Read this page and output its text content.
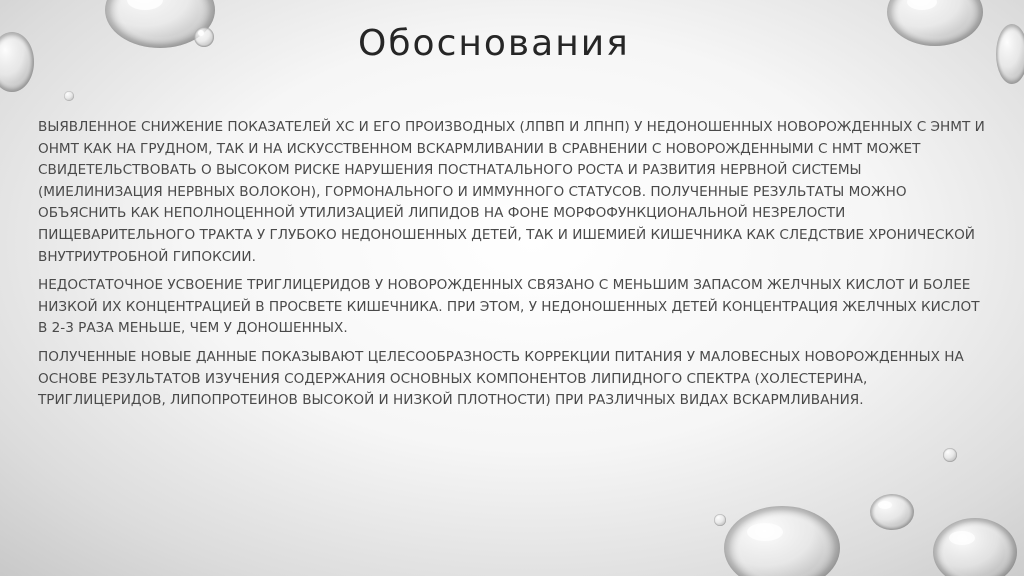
Обоснования

ВЫЯВЛЕННОЕ СНИЖЕНИЕ ПОКАЗАТЕЛЕЙ ХС И ЕГО ПРОИЗВОДНЫХ (ЛПВП И ЛПНП) У НЕДОНОШЕННЫХ НОВОРОЖДЕННЫХ С ЭНМТ И ОНМТ КАК НА ГРУДНОМ, ТАК И НА ИСКУССТВЕННОМ ВСКАРМЛИВАНИИ В СРАВНЕНИИ С НОВОРОЖДЕННЫМИ С НМТ МОЖЕТ СВИДЕТЕЛЬСТВОВАТЬ О ВЫСОКОМ РИСКЕ НАРУШЕНИЯ ПОСТНАТАЛЬНОГО РОСТА И РАЗВИТИЯ НЕРВНОЙ СИСТЕМЫ (МИЕЛИНИЗАЦИЯ НЕРВНЫХ ВОЛОКОН), ГОРМОНАЛЬНОГО И ИММУННОГО СТАТУСОВ. ПОЛУЧЕННЫЕ РЕЗУЛЬТАТЫ МОЖНО ОБЪЯСНИТЬ КАК НЕПОЛНОЦЕННОЙ УТИЛИЗАЦИЕЙ ЛИПИДОВ НА ФОНЕ МОРФОФУНКЦИОНАЛЬНОЙ НЕЗРЕЛОСТИ ПИЩЕВАРИТЕЛЬНОГО ТРАКТА У ГЛУБОКО НЕДОНОШЕННЫХ ДЕТЕЙ, ТАК И ИШЕМИЕЙ КИШЕЧНИКА КАК СЛЕДСТВИЕ ХРОНИЧЕСКОЙ ВНУТРИУТРОБНОЙ ГИПОКСИИ.

НЕДОСТАТОЧНОЕ УСВОЕНИЕ ТРИГЛИЦЕРИДОВ У НОВОРОЖДЕННЫХ СВЯЗАНО С МЕНЬШИМ ЗАПАСОМ ЖЕЛЧНЫХ КИСЛОТ И БОЛЕЕ НИЗКОЙ ИХ КОНЦЕНТРАЦИЕЙ В ПРОСВЕТЕ КИШЕЧНИКА. ПРИ ЭТОМ, У НЕДОНОШЕННЫХ ДЕТЕЙ КОНЦЕНТРАЦИЯ ЖЕЛЧНЫХ КИСЛОТ В 2-3 РАЗА МЕНЬШЕ, ЧЕМ У ДОНОШЕННЫХ.

ПОЛУЧЕННЫЕ НОВЫЕ ДАННЫЕ ПОКАЗЫВАЮТ ЦЕЛЕСООБРАЗНОСТЬ КОРРЕКЦИИ ПИТАНИЯ У МАЛОВЕСНЫХ НОВОРОЖДЕННЫХ НА ОСНОВЕ РЕЗУЛЬТАТОВ ИЗУЧЕНИЯ СОДЕРЖАНИЯ ОСНОВНЫХ КОМПОНЕНТОВ ЛИПИДНОГО СПЕКТРА (ХОЛЕСТЕРИНА, ТРИГЛИЦЕРИДОВ, ЛИПОПРОТЕИНОВ ВЫСОКОЙ И НИЗКОЙ ПЛОТНОСТИ) ПРИ РАЗЛИЧНЫХ ВИДАХ ВСКАРМЛИВАНИЯ.
